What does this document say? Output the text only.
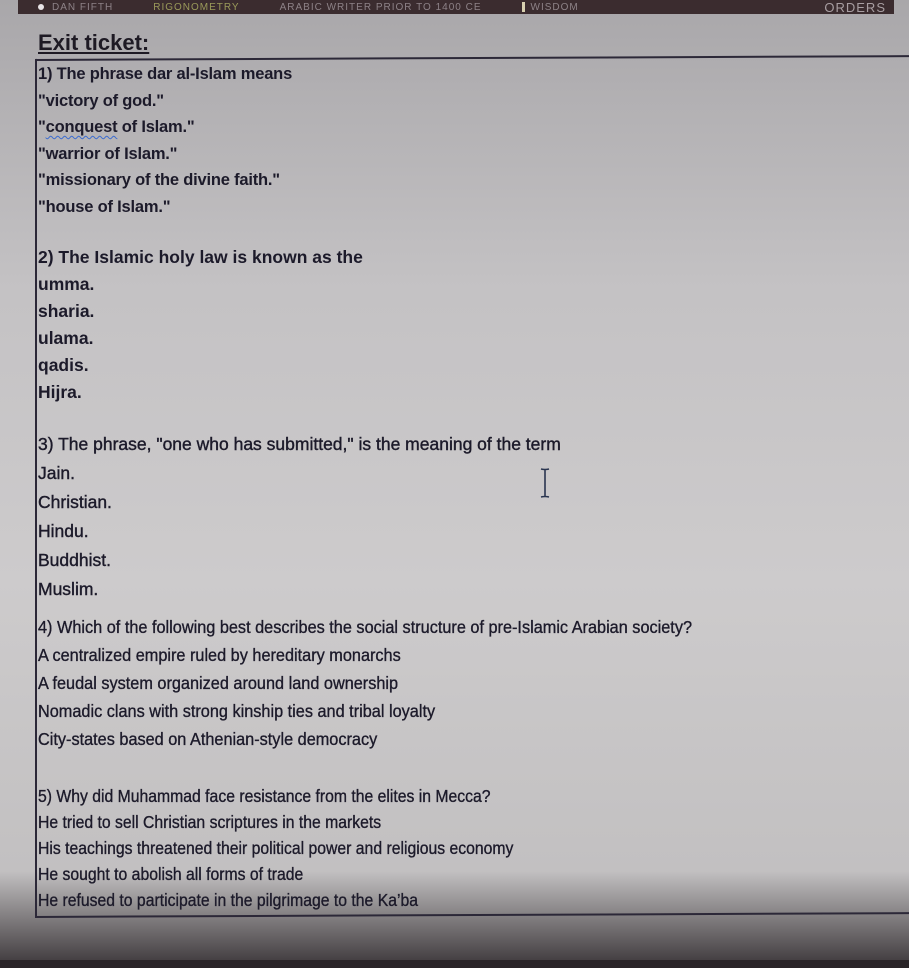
DAN FIFTH	RIGONOMETRY	ARABIC WRITER PRIOR TO 1400 CE	WISDOM	ORDERS
Exit ticket:
1) The phrase dar al-Islam means
"victory of god."
"conquest of Islam."
"warrior of Islam."
"missionary of the divine faith."
"house of Islam."
2) The Islamic holy law is known as the
umma.
sharia.
ulama.
qadis.
Hijra.
3) The phrase, "one who has submitted," is the meaning of the term
Jain.
Christian.
Hindu.
Buddhist.
Muslim.
4) Which of the following best describes the social structure of pre-Islamic Arabian society?
A centralized empire ruled by hereditary monarchs
A feudal system organized around land ownership
Nomadic clans with strong kinship ties and tribal loyalty
City-states based on Athenian-style democracy
5) Why did Muhammad face resistance from the elites in Mecca?
He tried to sell Christian scriptures in the markets
His teachings threatened their political power and religious economy
He sought to abolish all forms of trade
He refused to participate in the pilgrimage to the Ka’ba
